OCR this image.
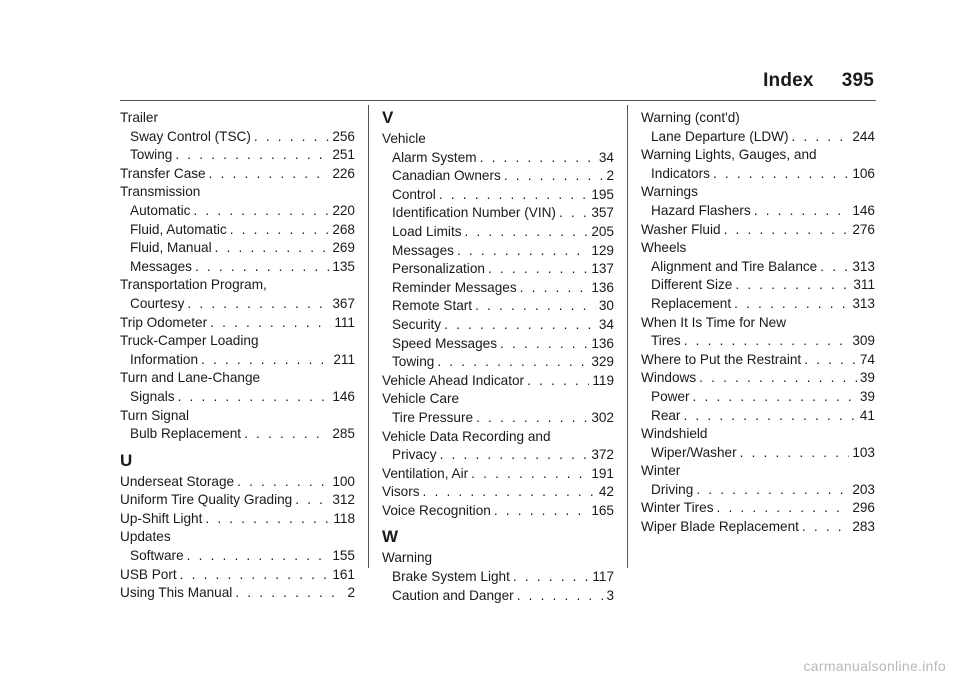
Index 395
Trailer
Sway Control (TSC) . . .	256
Towing . . .	251
Transfer Case . . .	226
Transmission
Automatic . . .	220
Fluid, Automatic . . .	268
Fluid, Manual . . .	269
Messages . . .	135
Transportation Program,
Courtesy . . .	367
Trip Odometer . . .	111
Truck-Camper Loading
Information . . .	211
Turn and Lane-Change
Signals . . .	146
Turn Signal
Bulb Replacement . . .	285
U
Underseat Storage . . .	100
Uniform Tire Quality Grading . . .	312
Up-Shift Light . . .	118
Updates
Software . . .	155
USB Port . . .	161
Using This Manual . . .	2
V
Vehicle
Alarm System . . .	34
Canadian Owners . . .	2
Control . . .	195
Identification Number (VIN) . . .	357
Load Limits . . .	205
Messages . . .	129
Personalization . . .	137
Reminder Messages . . .	136
Remote Start . . .	30
Security . . .	34
Speed Messages . . .	136
Towing . . .	329
Vehicle Ahead Indicator . . .	119
Vehicle Care
Tire Pressure . . .	302
Vehicle Data Recording and
Privacy . . .	372
Ventilation, Air . . .	191
Visors . . .	42
Voice Recognition . . .	165
W
Warning
Brake System Light . . .	117
Caution and Danger . . .	3
Warning (cont'd)
Lane Departure (LDW) . . .	244
Warning Lights, Gauges, and
Indicators . . .	106
Warnings
Hazard Flashers . . .	146
Washer Fluid . . .	276
Wheels
Alignment and Tire Balance . . .	313
Different Size . . .	311
Replacement . . .	313
When It Is Time for New
Tires . . .	309
Where to Put the Restraint . . .	74
Windows . . .	39
Power . . .	39
Rear . . .	41
Windshield
Wiper/Washer . . .	103
Winter
Driving . . .	203
Winter Tires . . .	296
Wiper Blade Replacement . . .	283
carmanualsonline.info
